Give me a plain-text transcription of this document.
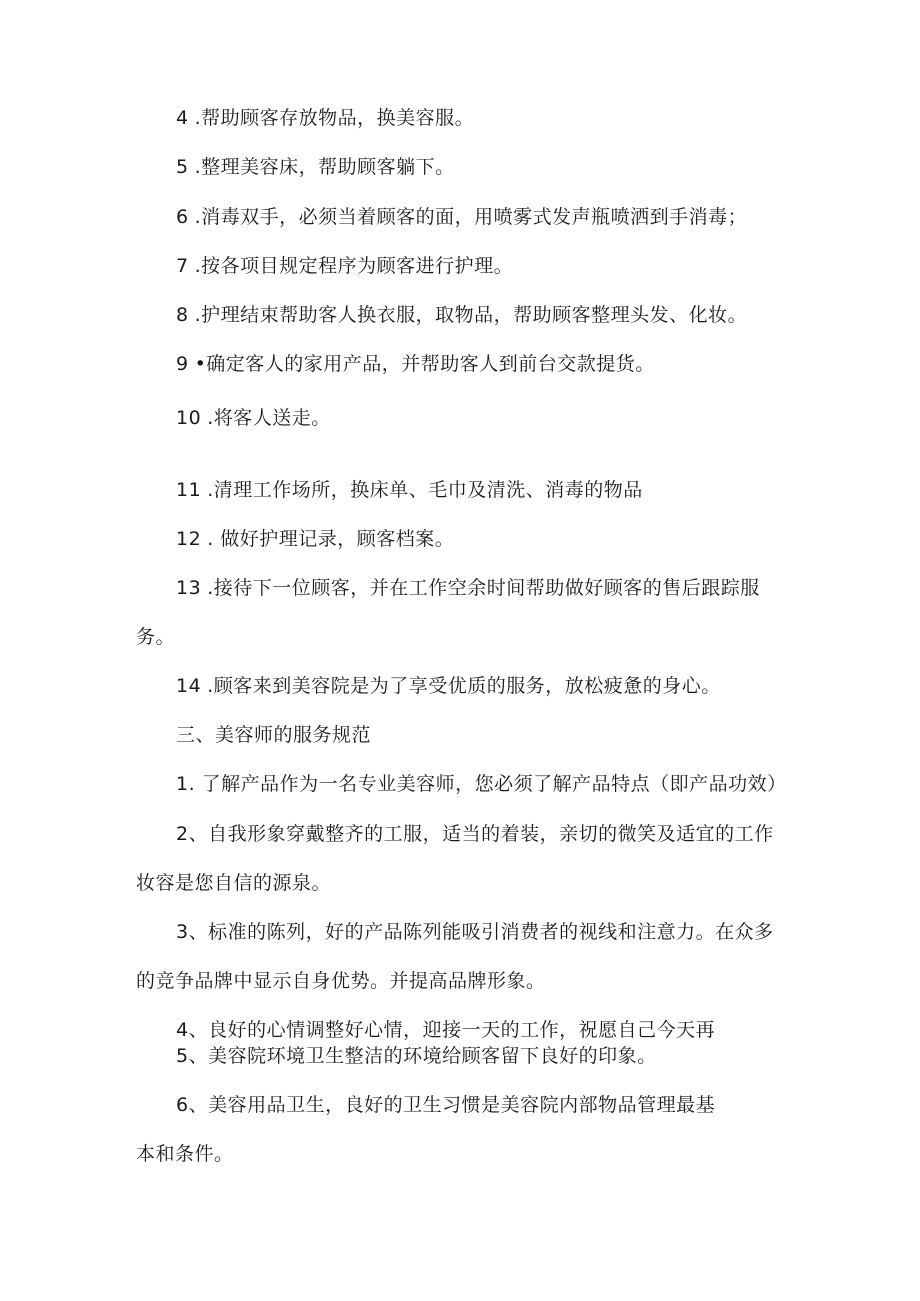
4 .帮助顾客存放物品，换美容服。
5 .整理美容床，帮助顾客躺下。
6 .消毒双手，必须当着顾客的面，用喷雾式发声瓶喷洒到手消毒；
7 .按各项目规定程序为顾客进行护理。
8 .护理结束帮助客人换衣服，取物品，帮助顾客整理头发、化妆。
9 •确定客人的家用产品，并帮助客人到前台交款提货。
10 .将客人送走。
11 .清理工作场所，换床单、毛巾及清洗、消毒的物品
12 . 做好护理记录，顾客档案。
13 .接待下一位顾客，并在工作空余时间帮助做好顾客的售后跟踪服
务。
14 .顾客来到美容院是为了享受优质的服务，放松疲惫的身心。
三、美容师的服务规范
1. 了解产品作为一名专业美容师，您必须了解产品特点（即产品功效）
2、自我形象穿戴整齐的工服，适当的着装，亲切的微笑及适宜的工作
妆容是您自信的源泉。
3、标准的陈列，好的产品陈列能吸引消费者的视线和注意力。在众多
的竞争品牌中显示自身优势。并提高品牌形象。
4、良好的心情调整好心情，迎接一天的工作，祝愿自己今天再
5、美容院环境卫生整洁的环境给顾客留下良好的印象。
6、美容用品卫生，良好的卫生习惯是美容院内部物品管理最基
本和条件。
